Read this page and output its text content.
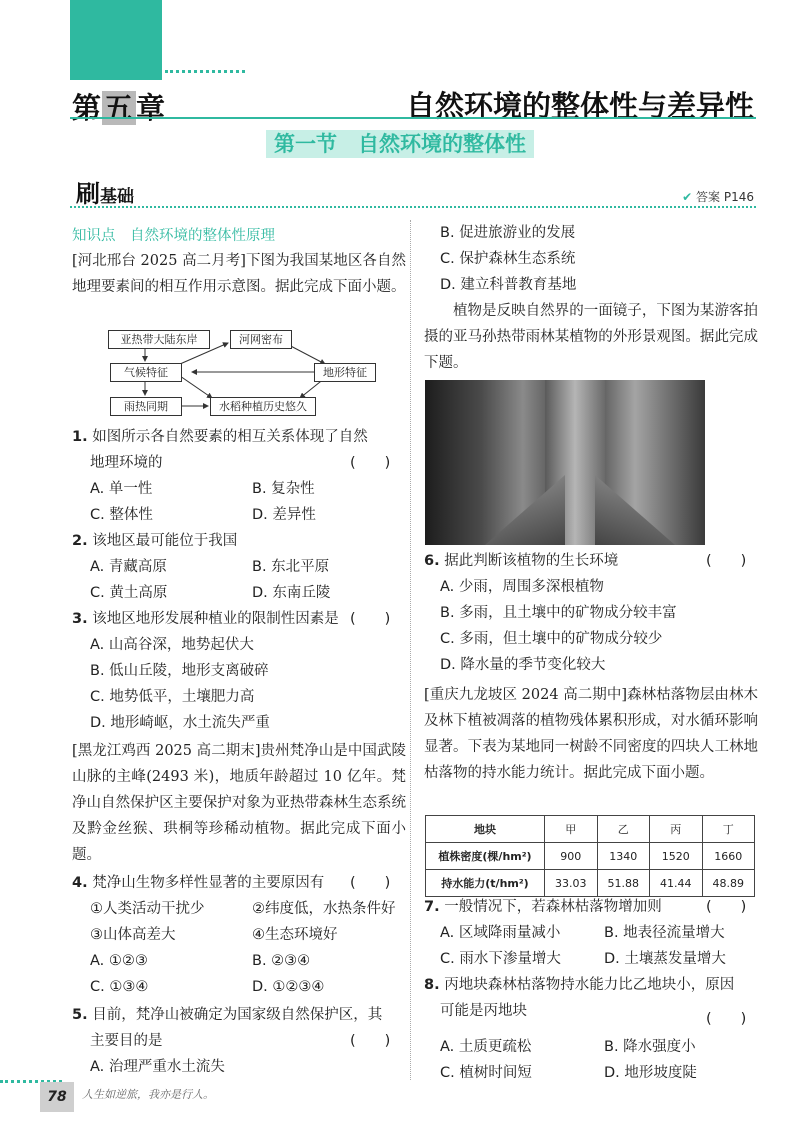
第五章	自然环境的整体性与差异性
第一节　自然环境的整体性
刷基础	✔ 答案 P146
知识点　自然环境的整体性原理
[河北邢台 2025 高二月考]下图为我国某地区各自然地理要素间的相互作用示意图。据此完成下面小题。
亚热带大陆东岸	河网密布
气候特征	地形特征
雨热同期	水稻种植历史悠久
1. 如图所示各自然要素的相互关系体现了自然
地理环境的	(　　)
A. 单一性	B. 复杂性
C. 整体性	D. 差异性
2. 该地区最可能位于我国
A. 青藏高原	B. 东北平原
C. 黄土高原	D. 东南丘陵
3. 该地区地形发展种植业的限制性因素是 (　　)
A. 山高谷深，地势起伏大
B. 低山丘陵，地形支离破碎
C. 地势低平，土壤肥力高
D. 地形崎岖，水土流失严重
[黑龙江鸡西 2025 高二期末]贵州梵净山是中国武陵山脉的主峰(2493 米)，地质年龄超过 10 亿年。梵净山自然保护区主要保护对象为亚热带森林生态系统及黔金丝猴、珙桐等珍稀动植物。据此完成下面小题。
4. 梵净山生物多样性显著的主要原因有 (　　)
①人类活动干扰少	②纬度低，水热条件好
③山体高差大	④生态环境好
A. ①②③	B. ②③④
C. ①③④	D. ①②③④
5. 目前，梵净山被确定为国家级自然保护区，其
主要目的是	(　　)
A. 治理严重水土流失
B. 促进旅游业的发展
C. 保护森林生态系统
D. 建立科普教育基地
植物是反映自然界的一面镜子，下图为某游客拍摄的亚马孙热带雨林某植物的外形景观图。据此完成下题。
6. 据此判断该植物的生长环境	(　　)
A. 少雨，周围多深根植物
B. 多雨，且土壤中的矿物成分较丰富
C. 多雨，但土壤中的矿物成分较少
D. 降水量的季节变化较大
[重庆九龙坡区 2024 高二期中]森林枯落物层由林木及林下植被凋落的植物残体累积形成，对水循环影响显著。下表为某地同一树龄不同密度的四块人工林地枯落物的持水能力统计。据此完成下面小题。
地块	甲	乙	丙	丁
植株密度(棵/hm²)	900	1340	1520	1660
持水能力(t/hm²)	33.03	51.88	41.44	48.89
7. 一般情况下，若森林枯落物增加则	(　　)
A. 区域降雨量减小	B. 地表径流量增大
C. 雨水下渗量增大	D. 土壤蒸发量增大
8. 丙地块森林枯落物持水能力比乙地块小，原因
可能是丙地块	(　　)
A. 土质更疏松	B. 降水强度小
C. 植树时间短	D. 地形坡度陡
78	人生如逆旅，我亦是行人。
